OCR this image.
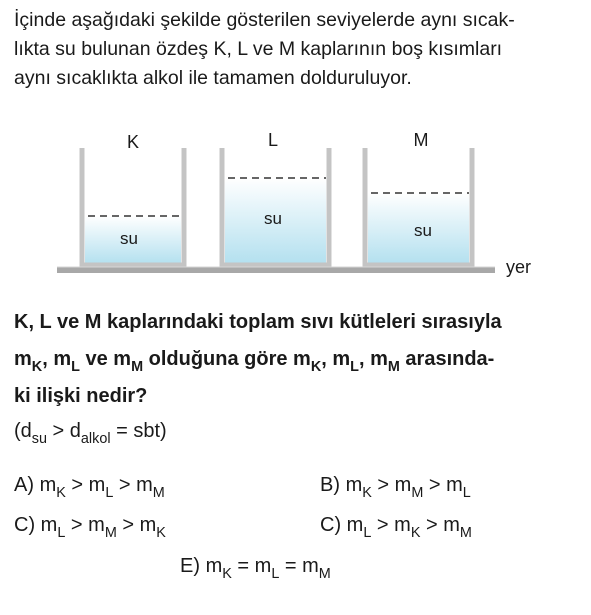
İçinde aşağıdaki şekilde gösterilen seviyelerde aynı sıcak-
lıkta su bulunan özdeş K, L ve M kaplarının boş kısımları
aynı sıcaklıkta alkol ile tamamen dolduruluyor.
K
su
L
su
M
su
yer
K, L ve M kaplarındaki toplam sıvı kütleleri sırasıyla
$m_K$, $m_L$ ve $m_M$ olduğuna göre $m_K$, $m_L$, $m_M$ arasında-
ki ilişki nedir?
$(d_{su} > d_{alkol} = sbt)$
A) $m_K > m_L > m_M$	B) $m_K > m_M > m_L$
C) $m_L > m_M > m_K$	C) $m_L > m_K > m_M$
E) $m_K = m_L = m_M$
